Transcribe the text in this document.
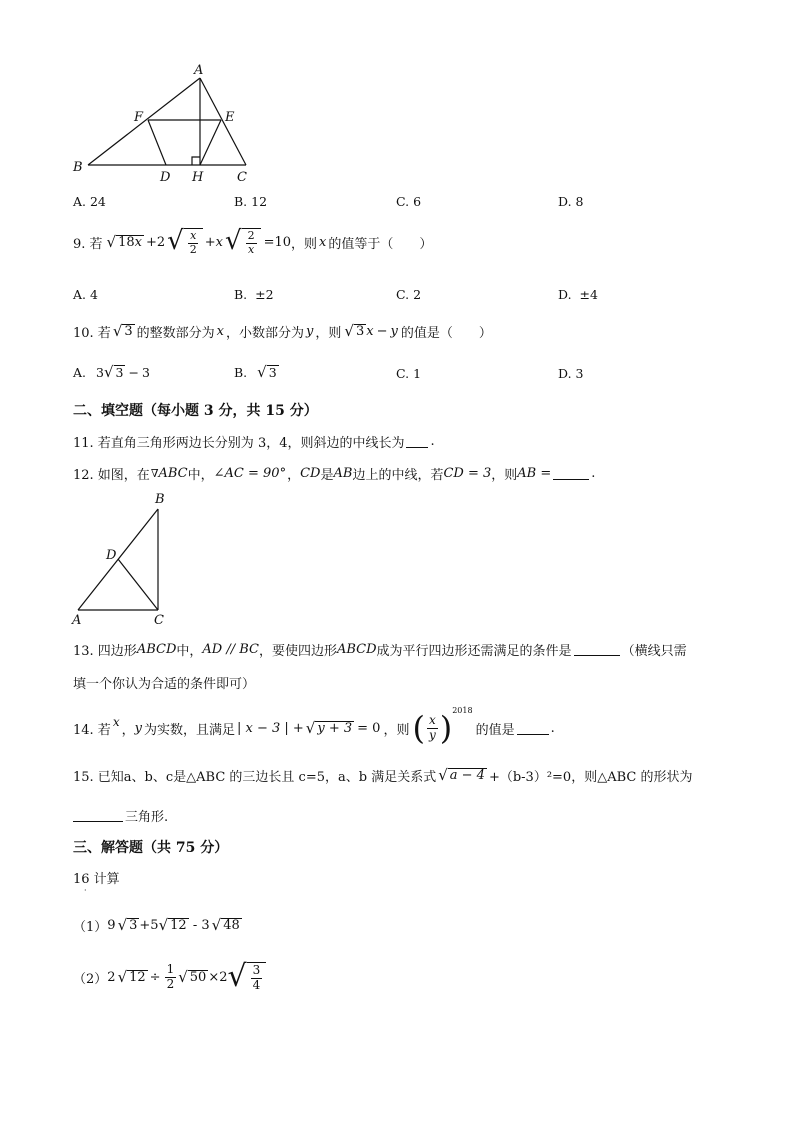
A
F	E
B
D H	C
A. 24	B. 12	C. 6	D. 8
9. 若 √ 18x +2 √ $\frac{x}{2} +x$ √ $\frac{2}{x} =10$ ，则 x 的值等于（　　）
A. 4	B.  ±2	C. 2	D.  ±4
10. 若 √ 3 的整数部分为 x ，小数部分为 y ，则 √ 3 x − y 的值是（　　）
A. 3 √ 3 − 3	B. √ 3	C. 1	D. 3
二、填空题（每小题 3 分，共 15 分）
11. 若直角三角形两边长分别为 3，4，则斜边的中线长为 .
12. 如图，在 ∇ ABC 中， ∠AC = 90° ， CD 是 AB 边上的中线，若 CD = 3 ，则 AB =	.
B
D
A	C
13. 四边形 ABCD 中， AD // BC ，要使四边形 ABCD 成为平行四边形还需满足的条件是	（横线只需
填一个你认为合适的条件即可）
14. 若
x
， y 为实数，且满足 | x − 3 | + √ y + 3 = 0 ，则 ( $\frac{x}{y}$ ) 2018
的值是	.
15. 已知a、b、c是△ABC 的三边长且 c=5，a、b 满足关系式 √ a − 4 +（b-3）²=0，则△ABC 的形状为
三角形.
三、解答题（共 75 分）
16 计算
·
（1） 9 √ 3 +5 √ 12 - 3 √ 48
（2） 2 √ $12 \div \frac{1}{2}$ √ 50 ×2 √ $\frac{3}{4}$
